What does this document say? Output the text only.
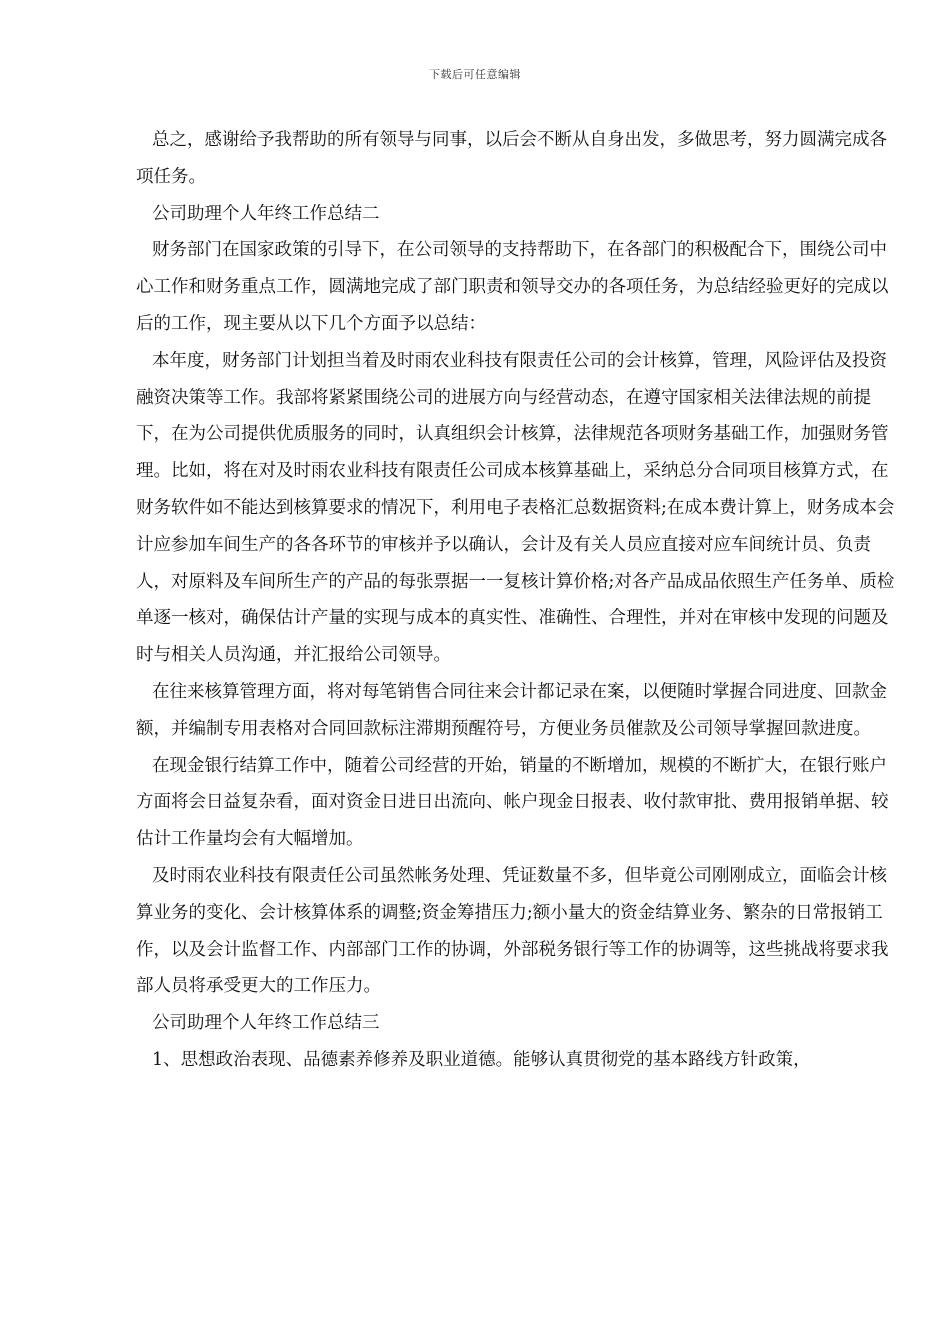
下载后可任意编辑

总之，感谢给予我帮助的所有领导与同事，以后会不断从自身出发，多做思考，努力圆满完成各项任务。

公司助理个人年终工作总结二

财务部门在国家政策的引导下，在公司领导的支持帮助下，在各部门的积极配合下，围绕公司中心工作和财务重点工作，圆满地完成了部门职责和领导交办的各项任务，为总结经验更好的完成以后的工作，现主要从以下几个方面予以总结：

本年度，财务部门计划担当着及时雨农业科技有限责任公司的会计核算，管理，风险评估及投资融资决策等工作。我部将紧紧围绕公司的进展方向与经营动态，在遵守国家相关法律法规的前提下，在为公司提供优质服务的同时，认真组织会计核算，法律规范各项财务基础工作，加强财务管理。比如，将在对及时雨农业科技有限责任公司成本核算基础上，采纳总分合同项目核算方式，在财务软件如不能达到核算要求的情况下，利用电子表格汇总数据资料;在成本费计算上，财务成本会计应参加车间生产的各各环节的审核并予以确认，会计及有关人员应直接对应车间统计员、负责人，对原料及车间所生产的产品的每张票据一一复核计算价格;对各产品成品依照生产任务单、质检单逐一核对，确保估计产量的实现与成本的真实性、准确性、合理性，并对在审核中发现的问题及时与相关人员沟通，并汇报给公司领导。

在往来核算管理方面，将对每笔销售合同往来会计都记录在案，以便随时掌握合同进度、回款金额，并编制专用表格对合同回款标注滞期预醒符号，方便业务员催款及公司领导掌握回款进度。

在现金银行结算工作中，随着公司经营的开始，销量的不断增加，规模的不断扩大，在银行账户方面将会日益复杂看，面对资金日进日出流向、帐户现金日报表、收付款审批、费用报销单据、较估计工作量均会有大幅增加。

及时雨农业科技有限责任公司虽然帐务处理、凭证数量不多，但毕竟公司刚刚成立，面临会计核算业务的变化、会计核算体系的调整;资金筹措压力;额小量大的资金结算业务、繁杂的日常报销工作，以及会计监督工作、内部部门工作的协调，外部税务银行等工作的协调等，这些挑战将要求我部人员将承受更大的工作压力。

公司助理个人年终工作总结三

1、思想政治表现、品德素养修养及职业道德。能够认真贯彻党的基本路线方针政策，
